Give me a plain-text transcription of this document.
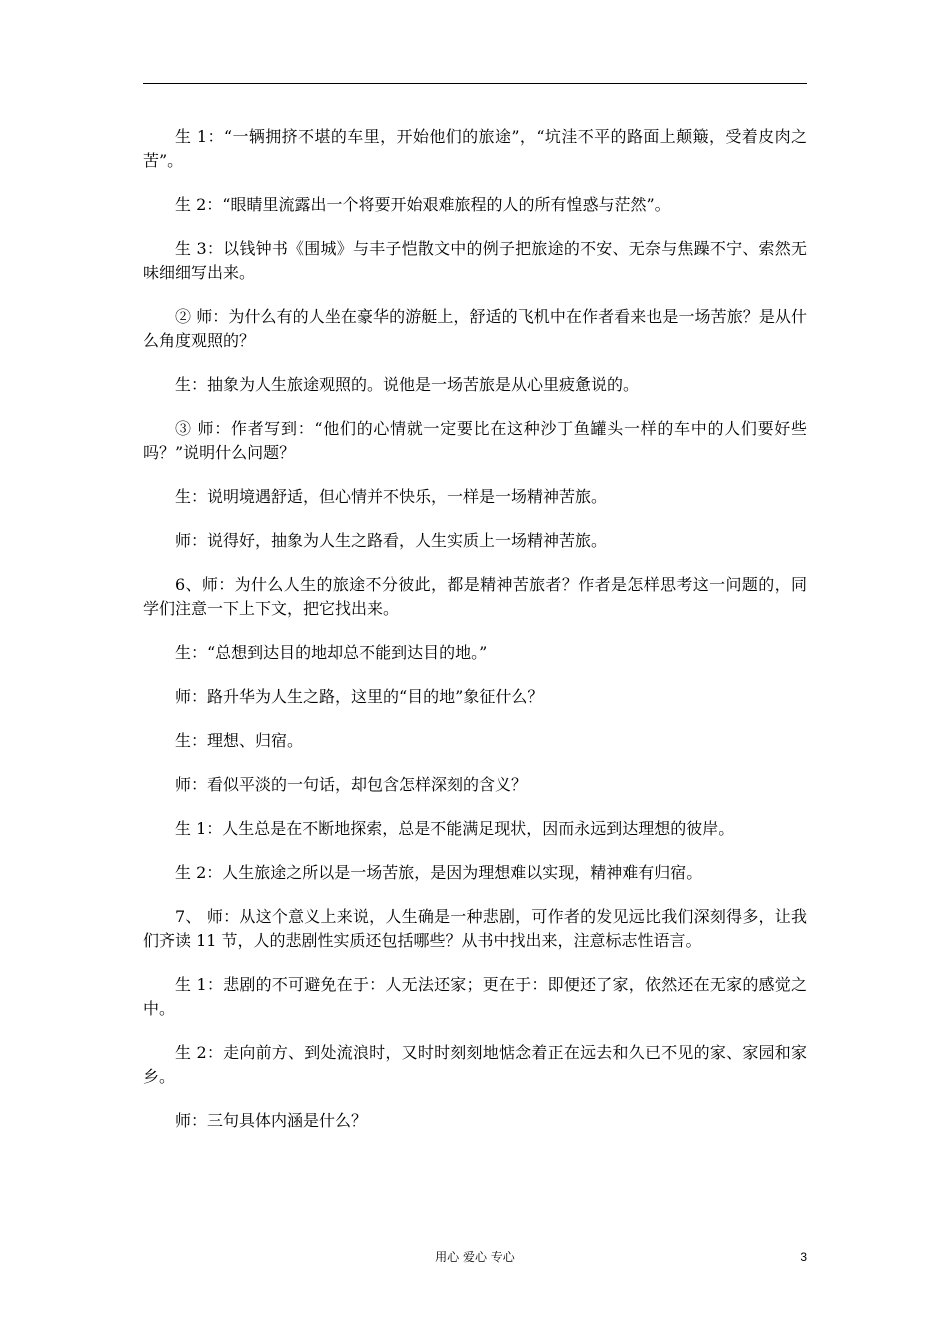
生 1：“一辆拥挤不堪的车里，开始他们的旅途”，“坑洼不平的路面上颠簸，受着皮肉之苦”。

生 2：“眼睛里流露出一个将要开始艰难旅程的人的所有惶惑与茫然”。

生 3：以钱钟书《围城》与丰子恺散文中的例子把旅途的不安、无奈与焦躁不宁、索然无味细细写出来。

② 师：为什么有的人坐在豪华的游艇上，舒适的飞机中在作者看来也是一场苦旅？是从什么角度观照的？

生：抽象为人生旅途观照的。说他是一场苦旅是从心里疲惫说的。

③ 师：作者写到：“他们的心情就一定要比在这种沙丁鱼罐头一样的车中的人们要好些吗？”说明什么问题？

生：说明境遇舒适，但心情并不快乐，一样是一场精神苦旅。

师：说得好，抽象为人生之路看，人生实质上一场精神苦旅。

6、师：为什么人生的旅途不分彼此，都是精神苦旅者？作者是怎样思考这一问题的，同学们注意一下上下文，把它找出来。

生：“总想到达目的地却总不能到达目的地。”

师：路升华为人生之路，这里的“目的地”象征什么？

生：理想、归宿。

师：看似平淡的一句话，却包含怎样深刻的含义？

生 1：人生总是在不断地探索，总是不能满足现状，因而永远到达理想的彼岸。

生 2：人生旅途之所以是一场苦旅，是因为理想难以实现，精神难有归宿。

7、 师：从这个意义上来说，人生确是一种悲剧，可作者的发见远比我们深刻得多，让我们齐读 11 节，人的悲剧性实质还包括哪些？从书中找出来，注意标志性语言。

生 1：悲剧的不可避免在于：人无法还家；更在于：即便还了家，依然还在无家的感觉之中。

生 2：走向前方、到处流浪时，又时时刻刻地惦念着正在远去和久已不见的家、家园和家乡。

师：三句具体内涵是什么？

用心 爱心 专心	3
